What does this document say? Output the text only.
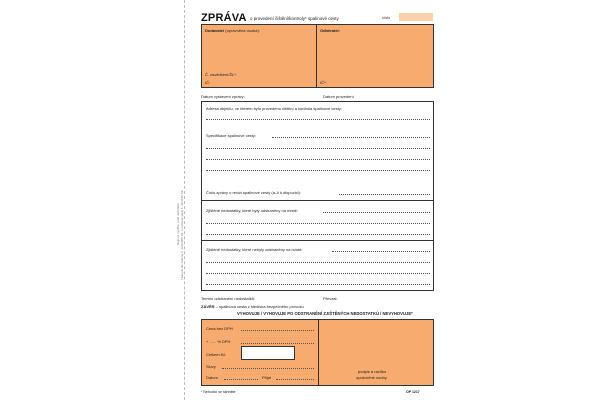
Nejprve vyplňte, poté odtrhněte Tiskopis dle zákona č. 133/1985 Sb. a nařízení vlády č. 91/2010 Sb.
ZPRÁVA o provedení čištění/kontroly* spalinové cesty	číslo
Dodavatel (oprávněná osoba):	Odběratel:
Č. osvědčení/ŽL*:
IČ:	IČ*:
Datum vystavení zprávy:	Datum provedení
Adresa objektu, ve kterém bylo provedeno čištění a kontrola spalinové cesty:
Specifikace spalinové cesty:
Číslo zprávy o revizi spalinové cesty (a–li k dispozici):
Zjištěné nedostatky, které byly odstraněny na místě:
Zjištěné nedostatky, které nebyly odstraněny na místě:
Termín odstranění nedostatků:	Převzal:
ZÁVĚR – spalinová cesta z hlediska bezpečného provozu
VYHOVUJE / VYHOVUJE PO ODSTRANĚNÍ ZJIŠTĚNÝCH NEDOSTATKŮ / NEVYHOVUJE*
Cena bez DPH
+ ...... % DPH
Celkem Kč
Slovy
Datum	Přijal
podpis a razítko
oprávněné osoby
* Nehodící se škrtněte	OP 1217
